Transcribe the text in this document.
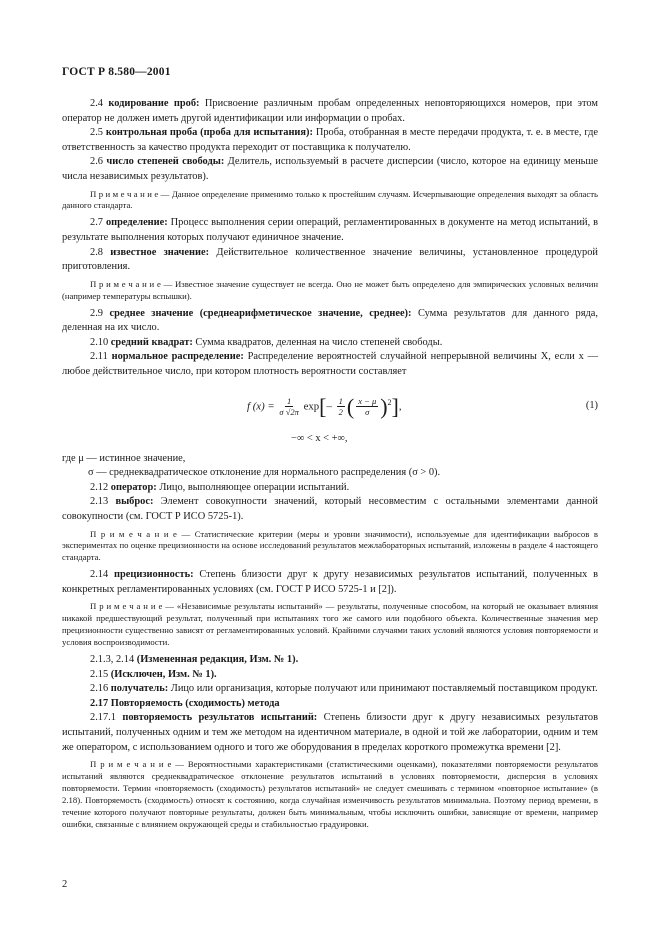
ГОСТ Р 8.580—2001

2.4 кодирование проб: Присвоение различным пробам определенных неповторяющихся номеров, при этом оператор не должен иметь другой идентификации или информации о пробах.

2.5 контрольная проба (проба для испытания): Проба, отобранная в месте передачи продукта, т. е. в месте, где ответственность за качество продукта переходит от поставщика к получателю.

2.6 число степеней свободы: Делитель, используемый в расчете дисперсии (число, которое на единицу меньше числа независимых результатов).

П р и м е ч а н и е — Данное определение применимо только к простейшим случаям. Исчерпывающие определения выходят за область данного стандарта.

2.7 определение: Процесс выполнения серии операций, регламентированных в документе на метод испытаний, в результате выполнения которых получают единичное значение.

2.8 известное значение: Действительное количественное значение величины, установленное процедурой приготовления.

П р и м е ч а н и е — Известное значение существует не всегда. Оно не может быть определено для эмпирических условных величин (например температуры вспышки).

2.9 среднее значение (среднеарифметическое значение, среднее): Сумма результатов для данного ряда, деленная на их число.

2.10 средний квадрат: Сумма квадратов, деленная на число степеней свободы.

2.11 нормальное распределение: Распределение вероятностей случайной непрерывной величины X, если x — любое действительное число, при котором плотность вероятности составляет

f $(x) = \frac{1}{\sigma √2\pi} \exp[- \frac{1}{2}$ ( $\frac{x - \mu}{\sigma} )^2$],	(1)
−∞ < x < +∞,
где μ — истинное значение,
σ — среднеквадратическое отклонение для нормального распределения (σ > 0).

2.12 оператор: Лицо, выполняющее операции испытаний.

2.13 выброс: Элемент совокупности значений, который несовместим с остальными элементами данной совокупности (см. ГОСТ Р ИСО 5725-1).

П р и м е ч а н и е — Статистические критерии (меры и уровни значимости), используемые для идентификации выбросов в экспериментах по оценке прецизионности на основе исследований результатов межлабораторных испытаний, изложены в разделе 4 настоящего стандарта.

2.14 прецизионность: Степень близости друг к другу независимых результатов испытаний, полученных в конкретных регламентированных условиях (см. ГОСТ Р ИСО 5725-1 и [2]).

П р и м е ч а н и е — «Независимые результаты испытаний» — результаты, полученные способом, на который не оказывает влияния никакой предшествующий результат, полученный при испытаниях того же самого или подобного объекта. Количественные значения мер прецизионности существенно зависят от регламентированных условий. Крайними случаями таких условий являются условия повторяемости и условия воспроизводимости.

2.1.3, 2.14 (Измененная редакция, Изм. № 1).

2.15 (Исключен, Изм. № 1).

2.16 получатель: Лицо или организация, которые получают или принимают поставляемый поставщиком продукт.

2.17 Повторяемость (сходимость) метода

2.17.1 повторяемость результатов испытаний: Степень близости друг к другу независимых результатов испытаний, полученных одним и тем же методом на идентичном материале, в одной и той же лаборатории, одним и тем же оператором, с использованием одного и того же оборудования в пределах короткого промежутка времени [2].

П р и м е ч а н и е — Вероятностными характеристиками (статистическими оценками), показателями повторяемости результатов испытаний являются среднеквадратическое отклонение результатов испытаний в условиях повторяемости, дисперсия в условиях повторяемости. Термин «повторяемость (сходимость) результатов испытаний» не следует смешивать с термином «повторное испытание» (в 2.18). Повторяемость (сходимость) относят к состоянию, когда случайная изменчивость результатов минимальна. Поэтому период времени, в течение которого получают повторные результаты, должен быть минимальным, чтобы исключить ошибки, зависящие от времени, например ошибки, связанные с влиянием окружающей среды и стабильностью градуировки.

2
